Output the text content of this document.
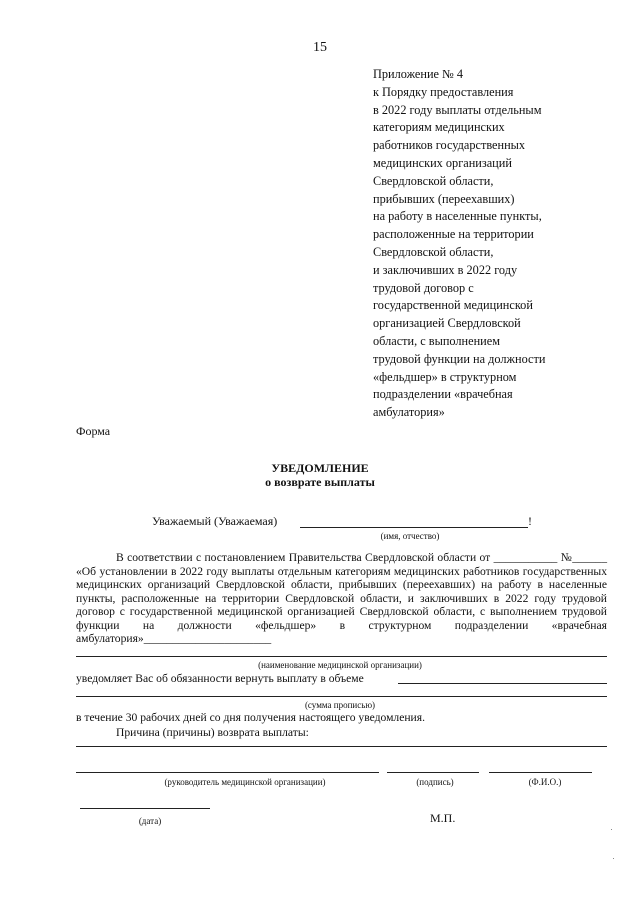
15
Приложение № 4
к Порядку предоставления
в 2022 году выплаты отдельным
категориям медицинских
работников государственных
медицинских организаций
Свердловской области,
прибывших (переехавших)
на работу в населенные пункты,
расположенные на территории
Свердловской области,
и заключивших в 2022 году
трудовой договор с
государственной медицинской
организацией Свердловской
области, с выполнением
трудовой функции на должности
«фельдшер» в структурном
подразделении «врачебная
амбулатория»
Форма
УВЕДОМЛЕНИЕ
о возврате выплаты
Уважаемый (Уважаемая)	!
(имя, отчество)
В соответствии с постановлением Правительства Свердловской области от ___________ №______ «Об установлении в 2022 году выплаты отдельным категориям медицинских работников государственных медицинских организаций Свердловской области, прибывших (переехавших) на работу в населенные пункты, расположенные на территории Свердловской области, и заключивших в 2022 году трудовой договор с государственной медицинской организацией Свердловской области, с выполнением трудовой функции на должности «фельдшер» в структурном подразделении «врачебная амбулатория»______________________
(наименование медицинской организации)
уведомляет Вас об обязанности вернуть выплату в объеме
(сумма прописью)
в течение 30 рабочих дней со дня получения настоящего уведомления.
Причина (причины) возврата выплаты:
(руководитель медицинской организации)	(подпись)	(Ф.И.О.)
(дата)	М.П.
